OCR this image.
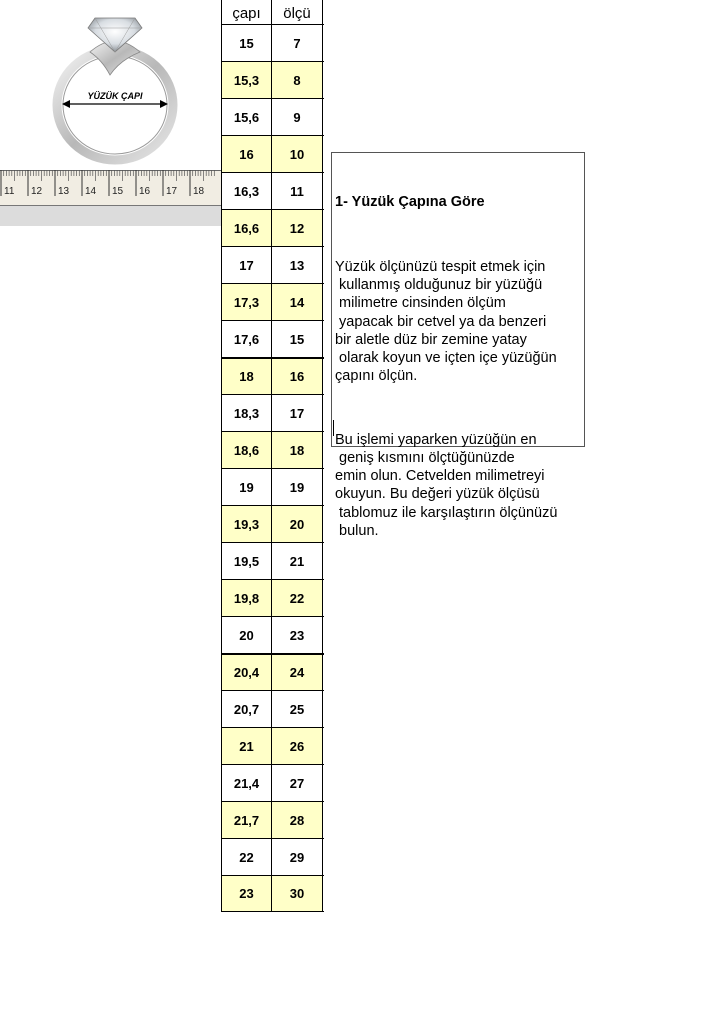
YÜZÜK ÇAPI
11 12 13 14 15 16 17 18
çapı	ölçü
15	7
15,3	8
15,6	9
16	10
16,3	11
16,6	12
17	13
17,3	14
17,6	15
18	16
18,3	17
18,6	18
19	19
19,3	20
19,5	21
19,8	22
20	23
20,4	24
20,7	25
21	26
21,4	27
21,7	28
22	29
23	30

1- Yüzük Çapına Göre

Yüzük ölçünüzü tespit etmek için
kullanmış olduğunuz bir yüzüğü
milimetre cinsinden ölçüm
yapacak bir cetvel ya da benzeri
bir aletle düz bir zemine yatay
olarak koyun ve içten içe yüzüğün
çapını ölçün.

Bu işlemi yaparken yüzüğün en
geniş kısmını ölçtüğünüzde
emin olun. Cetvelden milimetreyi
okuyun. Bu değeri yüzük ölçüsü
tablomuz ile karşılaştırın ölçünüzü
bulun.
